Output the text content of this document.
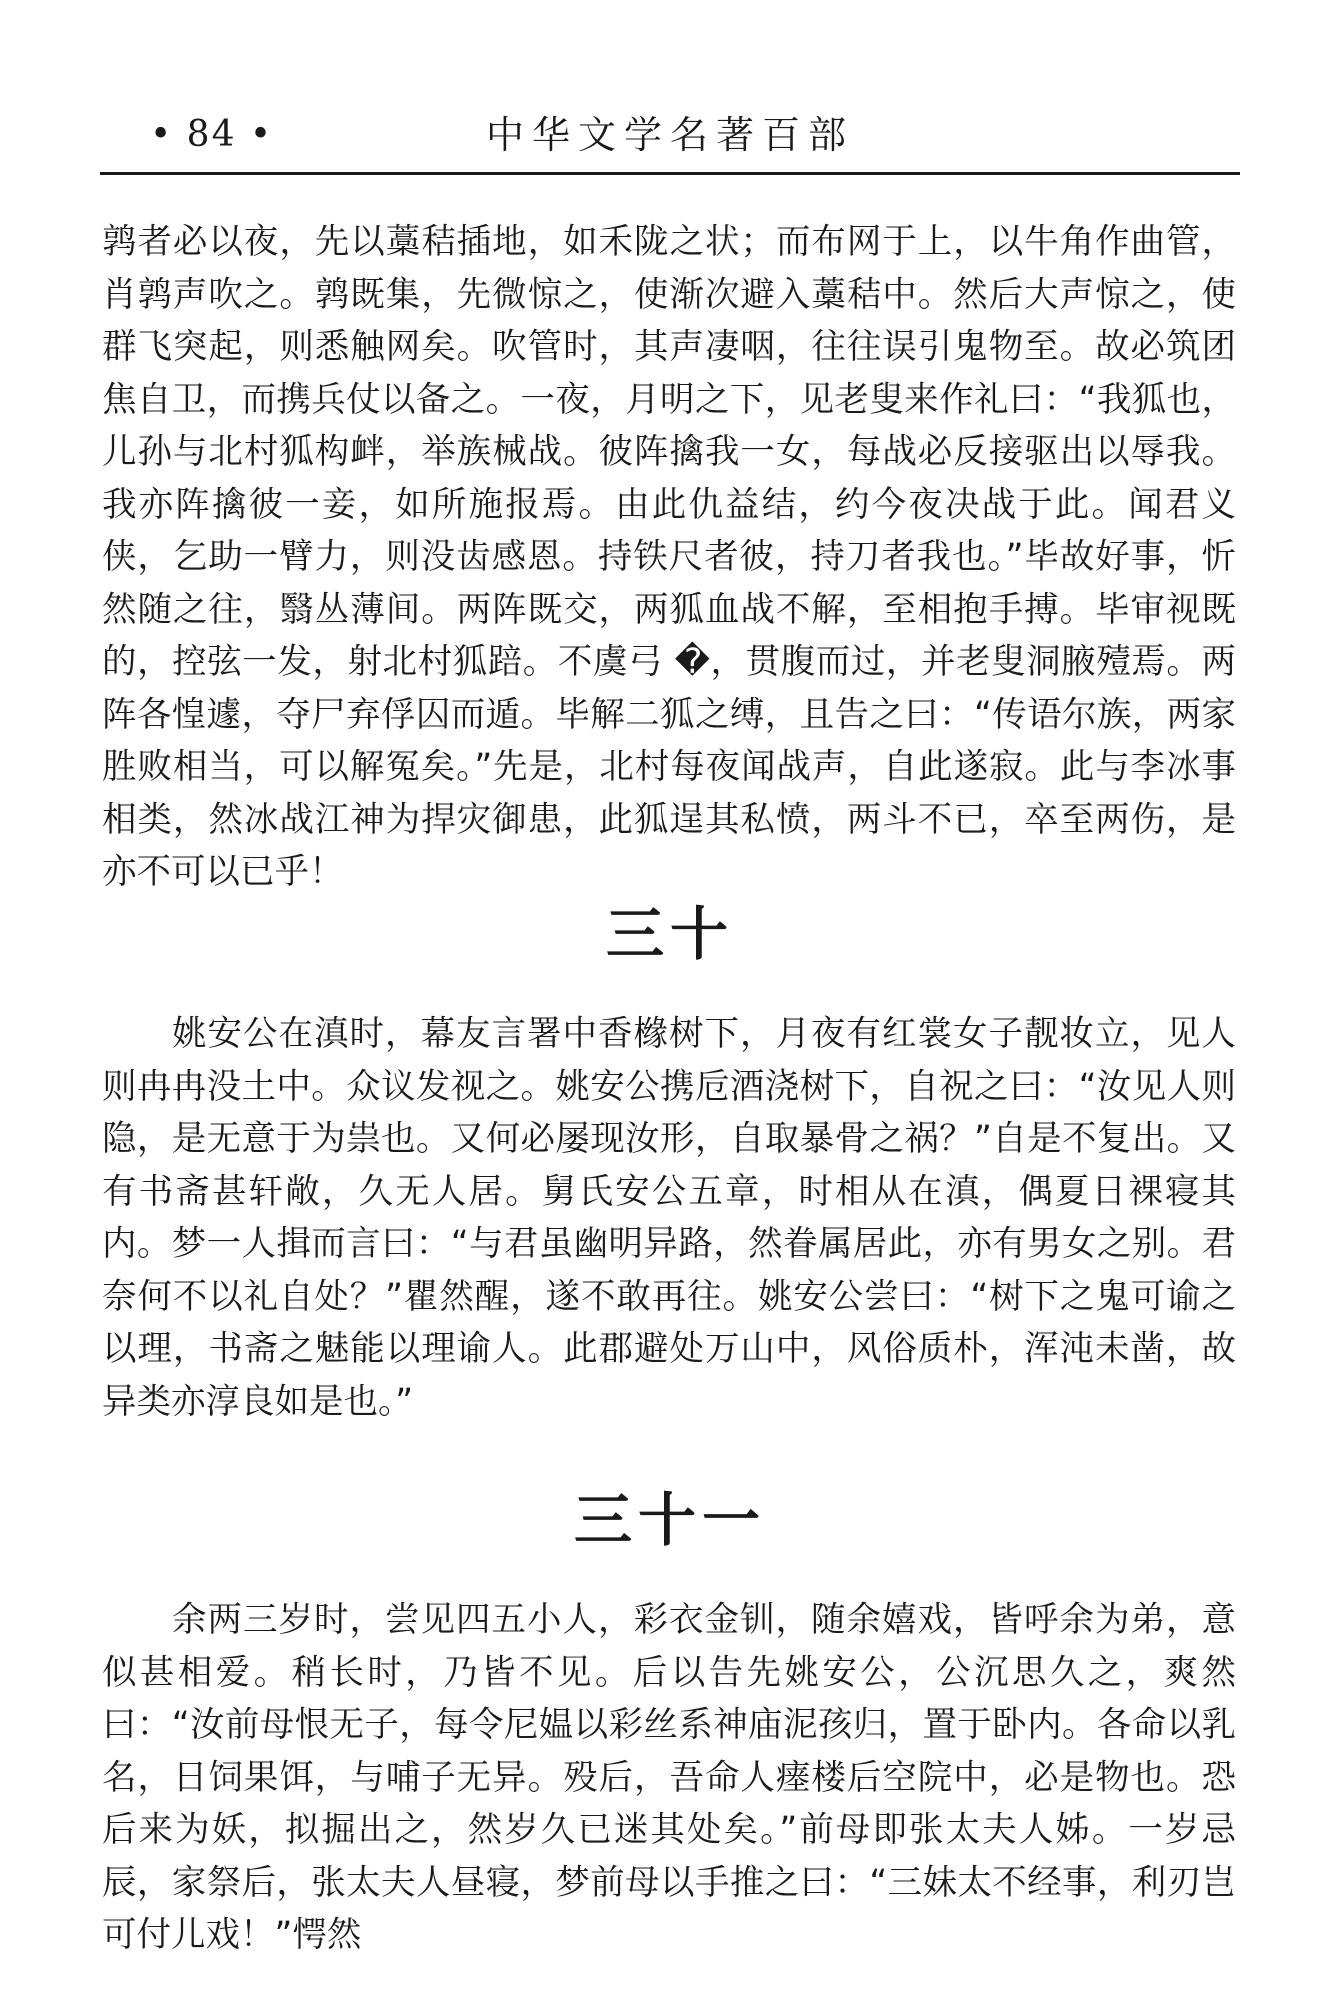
• 84 •	中华文学名著百部

鹑者必以夜，先以藁秸插地，如禾陇之状；而布网于上，以牛角作曲管，肖鹑声吹之。鹑既集，先微惊之，使渐次避入藁秸中。然后大声惊之，使群飞突起，则悉触网矣。吹管时，其声凄咽，往往误引鬼物至。故必筑团焦自卫，而携兵仗以备之。一夜，月明之下，见老叟来作礼曰：“我狐也，儿孙与北村狐构衅，举族械战。彼阵擒我一女，每战必反接驱出以辱我。我亦阵擒彼一妾，如所施报焉。由此仇益结，约今夜决战于此。闻君义侠，乞助一臂力，则没齿感恩。持铁尺者彼，持刀者我也。”毕故好事，忻然随之往，翳丛薄间。两阵既交，两狐血战不解，至相抱手搏。毕审视既的，控弦一发，射北村狐踣。不虞弓 �，贯腹而过，并老叟洞腋殪焉。两阵各惶遽，夺尸弃俘囚而遁。毕解二狐之缚，且告之曰：“传语尔族，两家胜败相当，可以解冤矣。”先是，北村每夜闻战声，自此遂寂。此与李冰事相类，然冰战江神为捍灾御患，此狐逞其私愤，两斗不已，卒至两伤，是亦不可以已乎！

三十

姚安公在滇时，幕友言署中香橼树下，月夜有红裳女子靓妆立，见人则冉冉没土中。众议发视之。姚安公携卮酒浇树下，自祝之曰：“汝见人则隐，是无意于为祟也。又何必屡现汝形，自取暴骨之祸？”自是不复出。又有书斋甚轩敞，久无人居。舅氏安公五章，时相从在滇，偶夏日裸寝其内。梦一人揖而言曰：“与君虽幽明异路，然眷属居此，亦有男女之别。君奈何不以礼自处？”瞿然醒，遂不敢再往。姚安公尝曰：“树下之鬼可谕之以理，书斋之魅能以理谕人。此郡避处万山中，风俗质朴，浑沌未凿，故异类亦淳良如是也。”

三十一

余两三岁时，尝见四五小人，彩衣金钏，随余嬉戏，皆呼余为弟，意似甚相爱。稍长时，乃皆不见。后以告先姚安公，公沉思久之，爽然曰：“汝前母恨无子，每令尼媪以彩丝系神庙泥孩归，置于卧内。各命以乳名，日饲果饵，与哺子无异。殁后，吾命人瘗楼后空院中，必是物也。恐后来为妖，拟掘出之，然岁久已迷其处矣。”前母即张太夫人姊。一岁忌辰，家祭后，张太夫人昼寝，梦前母以手推之曰：“三妹太不经事，利刃岂可付儿戏！”愕然
